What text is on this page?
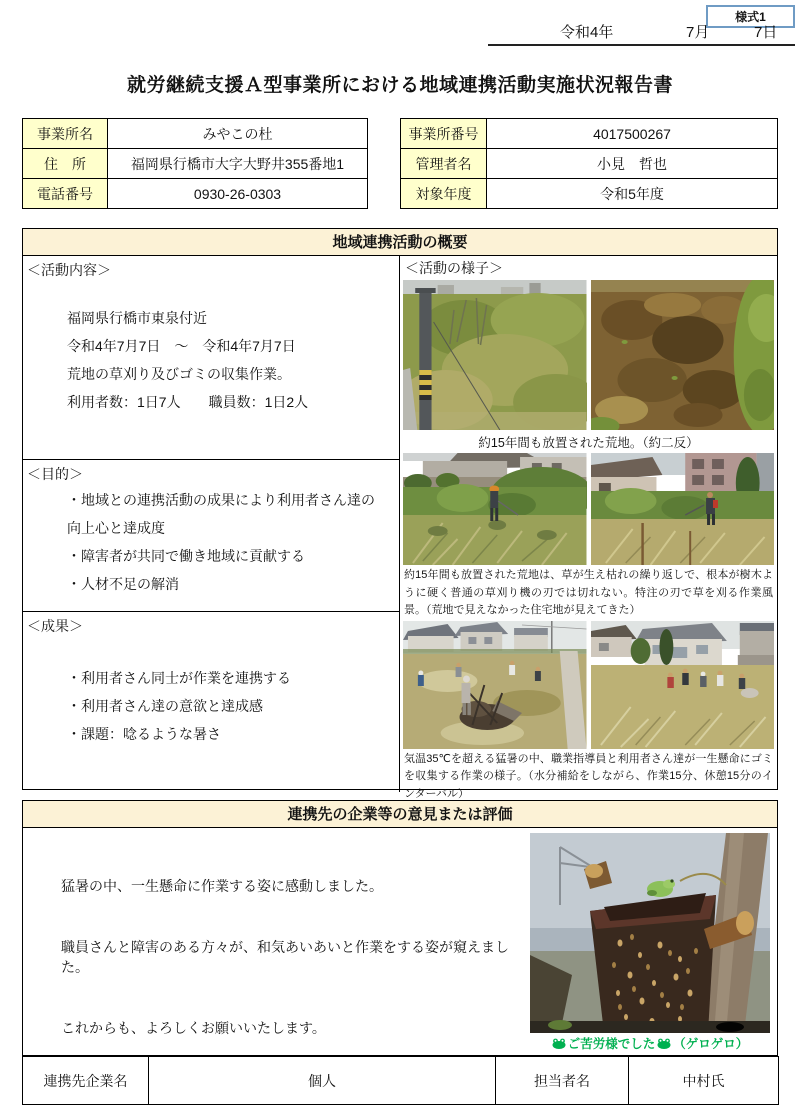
様式1
令和4年	7月	7日
就労継続支援Ａ型事業所における地域連携活動実施状況報告書
事業所名	みやこの杜
住　所	福岡県行橋市大字大野井355番地1
電話番号	0930-26-0303
事業所番号	4017500267
管理者名	小見　哲也
対象年度	令和5年度
地域連携活動の概要
＜活動内容＞

福岡県行橋市東泉付近

令和4年7月7日　～　令和4年7月7日

荒地の草刈り及びゴミの収集作業。

利用者数：1日7人　　職員数：1日2人

＜目的＞

・地域との連携活動の成果により利用者さん達の

向上心と達成度

・障害者が共同で働き地域に貢献する

・人材不足の解消

＜成果＞

・利用者さん同士が作業を連携する

・利用者さん達の意欲と達成感

・課題：唸るような暑さ

＜活動の様子＞
約15年間も放置された荒地。（約二反）
約15年間も放置された荒地は、草が生え枯れの繰り返しで、根本が樹木ように硬く普通の草刈り機の刃では切れない。特注の刃で草を刈る作業風景。（荒地で見えなかった住宅地が見えてきた）
気温35℃を超える猛暑の中、職業指導員と利用者さん達が一生懸命にゴミを収集する作業の様子。（水分補給をしながら、作業15分、休憩15分のインターバル）
連携先の企業等の意見または評価

猛暑の中、一生懸命に作業する姿に感動しました。

職員さんと障害のある方々が、和気あいあいと作業をする姿が窺えました。

これからも、よろしくお願いいたします。

ご苦労様でした （ゲロゲロ）
連携先企業名	個人	担当者名	中村氏
